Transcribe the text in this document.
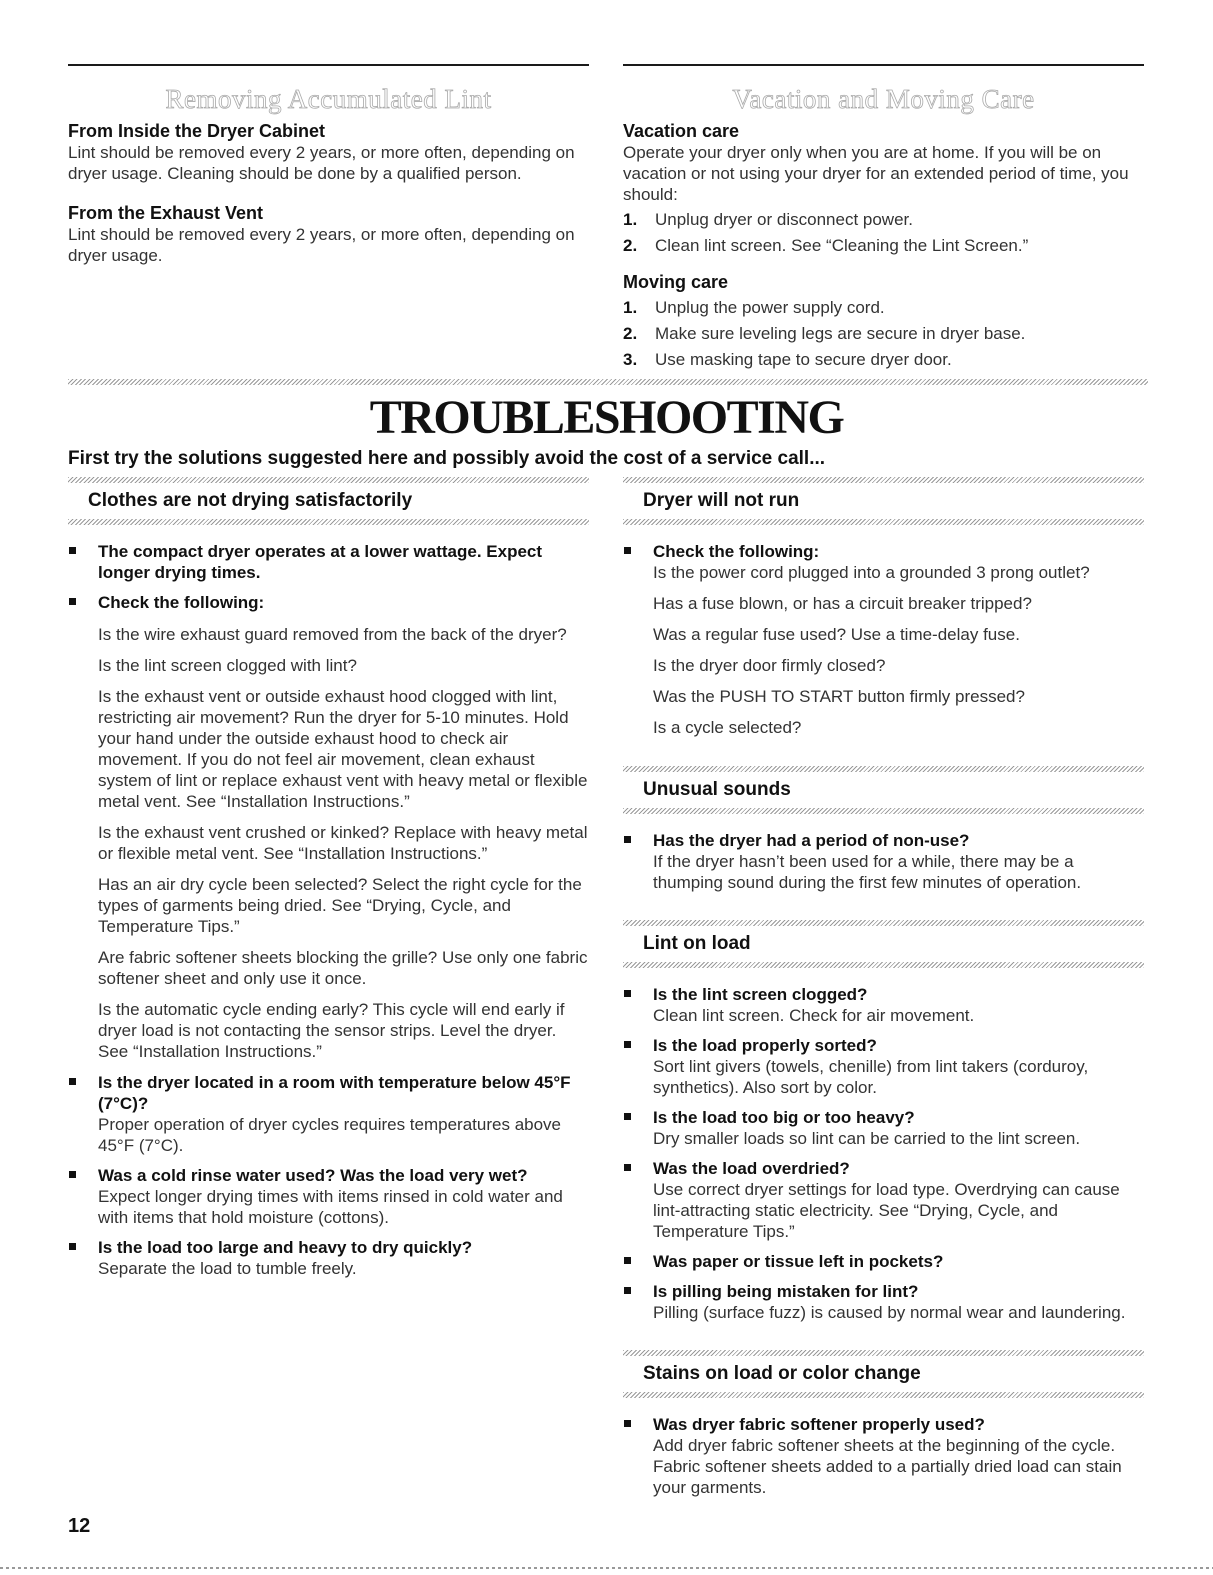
Removing Accumulated Lint

From Inside the Dryer Cabinet

Lint should be removed every 2 years, or more often, depending on dryer usage. Cleaning should be done by a qualified person.

From the Exhaust Vent

Lint should be removed every 2 years, or more often, depending on dryer usage.

Vacation and Moving Care

Vacation care

Operate your dryer only when you are at home. If you will be on vacation or not using your dryer for an extended period of time, you should:

1.	Unplug dryer or disconnect power.
2.	Clean lint screen. See “Cleaning the Lint Screen.”

Moving care

1.	Unplug the power supply cord.
2.	Make sure leveling legs are secure in dryer base.
3.	Use masking tape to secure dryer door.
TROUBLESHOOTING
First try the solutions suggested here and possibly avoid the cost of a service call...
Clothes are not drying satisfactorily
The compact dryer operates at a lower wattage. Expect longer drying times.
Check the following:

Is the wire exhaust guard removed from the back of the dryer?

Is the lint screen clogged with lint?

Is the exhaust vent or outside exhaust hood clogged with lint, restricting air movement? Run the dryer for 5-10 minutes. Hold your hand under the outside exhaust hood to check air movement. If you do not feel air movement, clean exhaust system of lint or replace exhaust vent with heavy metal or flexible metal vent. See “Installation Instructions.”

Is the exhaust vent crushed or kinked? Replace with heavy metal or flexible metal vent. See “Installation Instructions.”

Has an air dry cycle been selected? Select the right cycle for the types of garments being dried. See “Drying, Cycle, and Temperature Tips.”

Are fabric softener sheets blocking the grille? Use only one fabric softener sheet and only use it once.

Is the automatic cycle ending early? This cycle will end early if dryer load is not contacting the sensor strips. Level the dryer. See “Installation Instructions.”

Is the dryer located in a room with temperature below 45°F (7°C)?
Proper operation of dryer cycles requires temperatures above 45°F (7°C).
Was a cold rinse water used? Was the load very wet?
Expect longer drying times with items rinsed in cold water and with items that hold moisture (cottons).
Is the load too large and heavy to dry quickly?
Separate the load to tumble freely.
Dryer will not run
Check the following:
Is the power cord plugged into a grounded 3 prong outlet?

Has a fuse blown, or has a circuit breaker tripped?

Was a regular fuse used? Use a time-delay fuse.

Is the dryer door firmly closed?

Was the PUSH TO START button firmly pressed?

Is a cycle selected?

Unusual sounds
Has the dryer had a period of non-use?
If the dryer hasn’t been used for a while, there may be a thumping sound during the first few minutes of operation.
Lint on load
Is the lint screen clogged?
Clean lint screen. Check for air movement.
Is the load properly sorted?
Sort lint givers (towels, chenille) from lint takers (corduroy, synthetics). Also sort by color.
Is the load too big or too heavy?
Dry smaller loads so lint can be carried to the lint screen.
Was the load overdried?
Use correct dryer settings for load type. Overdrying can cause lint-attracting static electricity. See “Drying, Cycle, and Temperature Tips.”
Was paper or tissue left in pockets?
Is pilling being mistaken for lint?
Pilling (surface fuzz) is caused by normal wear and laundering.
Stains on load or color change
Was dryer fabric softener properly used?
Add dryer fabric softener sheets at the beginning of the cycle. Fabric softener sheets added to a partially dried load can stain your garments.
12
